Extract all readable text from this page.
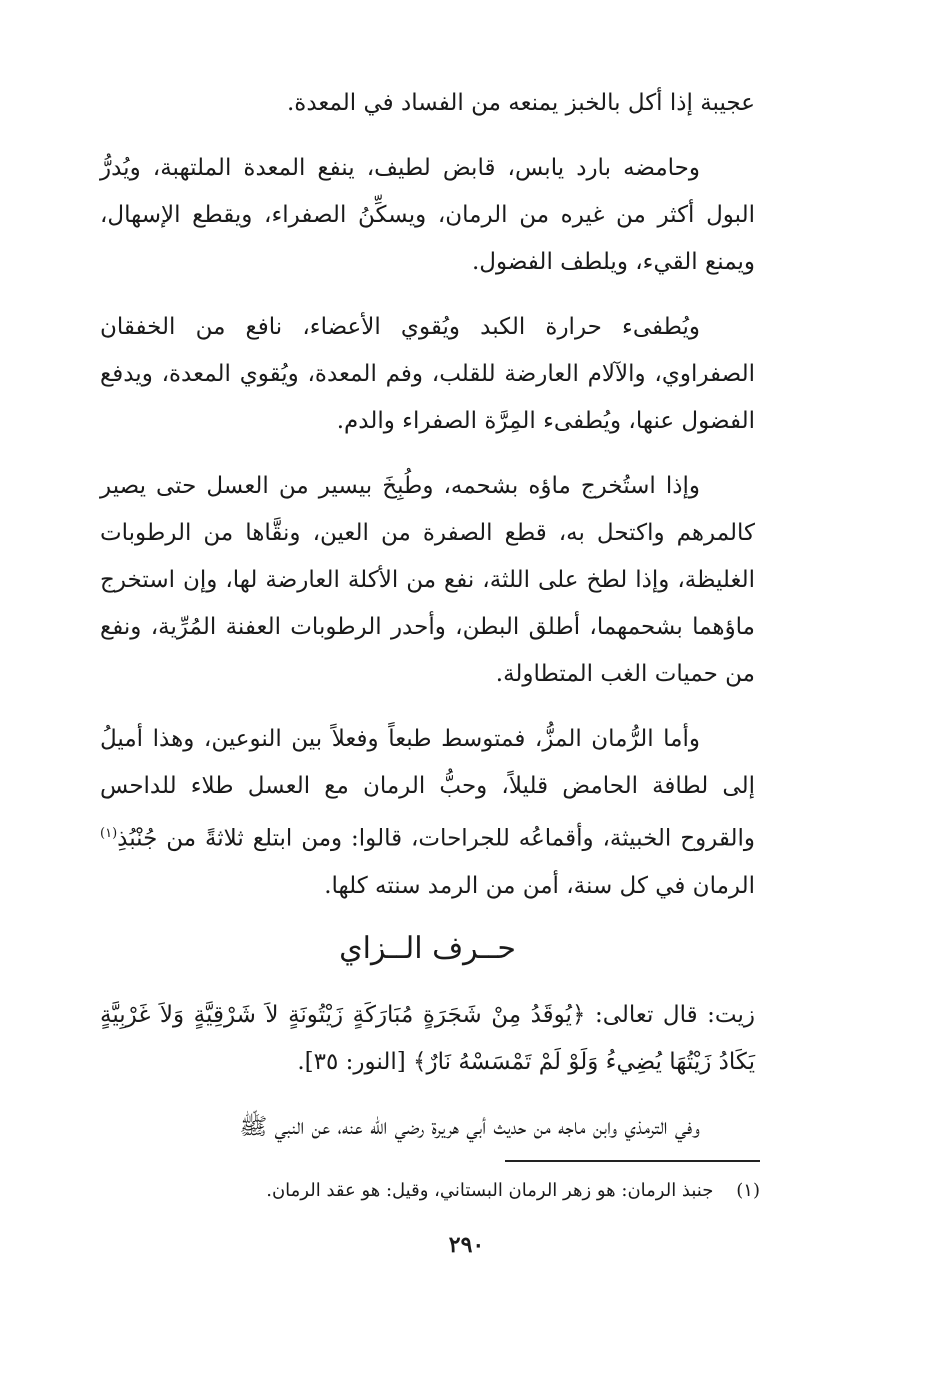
عجيبة إذا أكل بالخبز يمنعه من الفساد في المعدة.

وحامضه بارد يابس، قابض لطيف، ينفع المعدة الملتهبة، ويُدرُّ البول أكثر من غيره من الرمان، ويسكِّنُ الصفراء، ويقطع الإسهال، ويمنع القيء، ويلطف الفضول.

ويُطفىء حرارة الكبد ويُقوي الأعضاء، نافع من الخفقان الصفراوي، والآلام العارضة للقلب، وفم المعدة، ويُقوي المعدة، ويدفع الفضول عنها، ويُطفىء المِرَّة الصفراء والدم.

وإذا استُخرج ماؤه بشحمه، وطُبِخَ بيسير من العسل حتى يصير كالمرهم واكتحل به، قطع الصفرة من العين، ونقَّاها من الرطوبات الغليظة، وإذا لطخ على اللثة، نفع من الأكلة العارضة لها، وإن استخرج ماؤهما بشحمهما، أطلق البطن، وأحدر الرطوبات العفنة المُرِّية، ونفع من حميات الغب المتطاولة.

وأما الرُّمان المزُّ، فمتوسط طبعاً وفعلاً بين النوعين، وهذا أميلُ إلى لطافة الحامض قليلاً، وحبُّ الرمان مع العسل طلاء للداحس والقروح الخبيثة، وأقماعُه للجراحات، قالوا: ومن ابتلع ثلاثةً من جُنْبُذِ$^{(١)}$ الرمان في كل سنة، أمن من الرمد سنته كلها.

حــرف الــزاي

زيت: قال تعالى: ﴿يُوقَدُ مِنْ شَجَرَةٍ مُبَارَكَةٍ زَيْتُونَةٍ لاَ شَرْقِيَّةٍ وَلاَ غَرْبِيَّةٍ يَكَادُ زَيْتُهَا يُضِيءُ وَلَوْ لَمْ تَمْسَسْهُ نَارٌ﴾ [النور: ٣٥].

وفي الترمذي وابن ماجه من حديث أبي هريرة رضي الله عنه، عن النبي ﷺ

(١)    جنبذ الرمان: هو زهر الرمان البستاني، وقيل: هو عقد الرمان.
٢٩٠
